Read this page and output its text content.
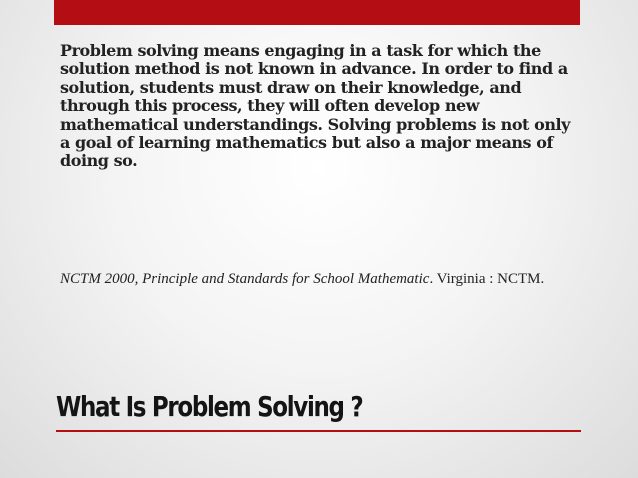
Problem solving means engaging in a task for which the solution method is not known in advance. In order to find a solution, students must draw on their knowledge, and through this process, they will often develop new mathematical understandings. Solving problems is not only a goal of learning mathematics but also a major means of doing so.

NCTM 2000, Principle and Standards for School Mathematic. Virginia : NCTM.

What Is Problem Solving ?
